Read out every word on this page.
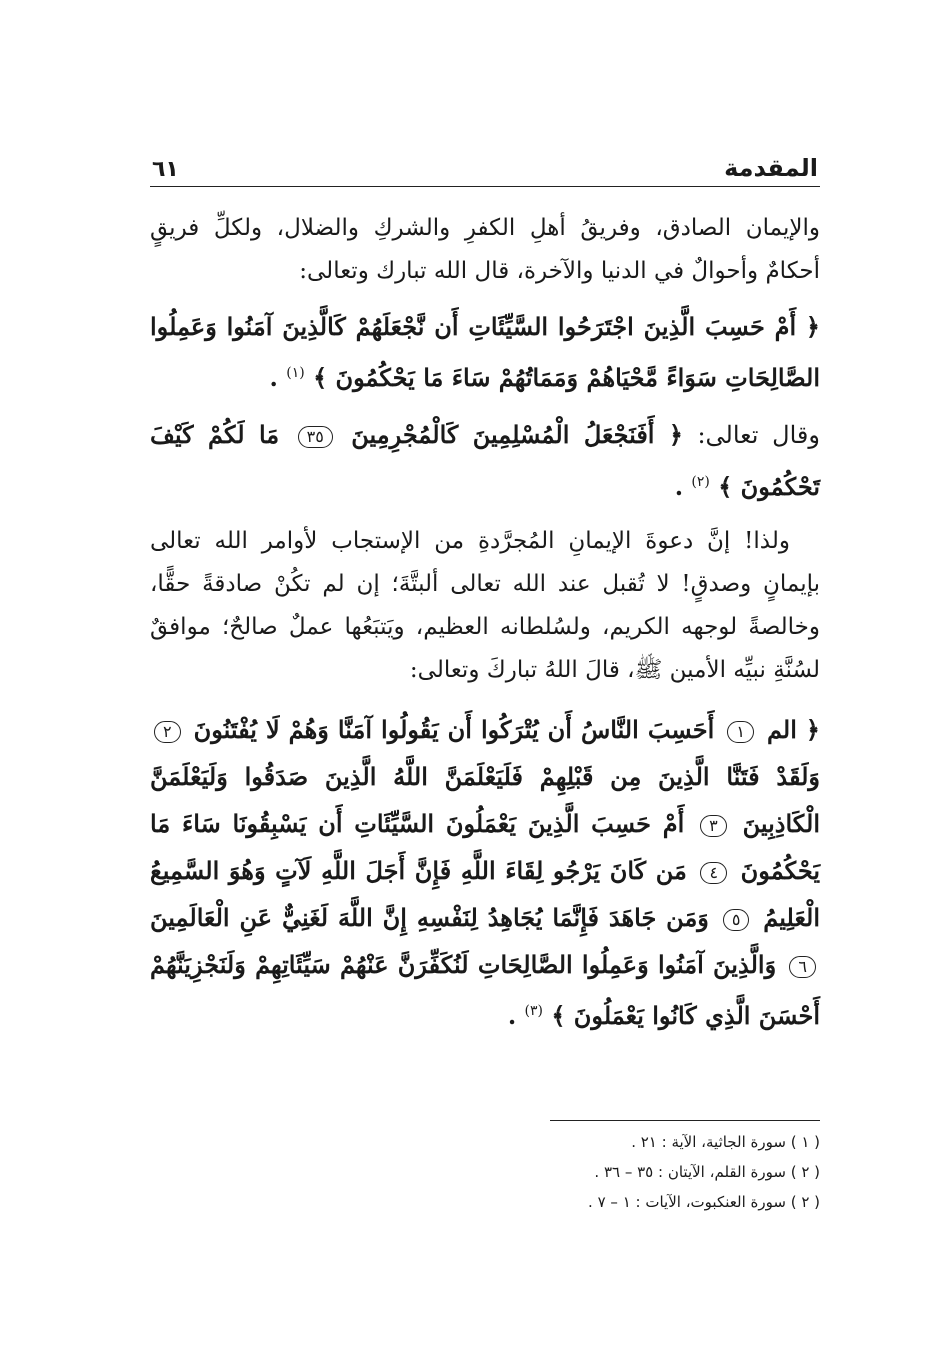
المقدمة
٦١

والإيمان الصادق، وفريقُ أهلِ الكفرِ والشركِ والضلال، ولكلِّ فريقٍ أحكامٌ وأحوالٌ في الدنيا والآخرة، قال الله تبارك وتعالى:

﴿ أَمْ حَسِبَ الَّذِينَ اجْتَرَحُوا السَّيِّئَاتِ أَن نَّجْعَلَهُمْ كَالَّذِينَ آمَنُوا وَعَمِلُوا الصَّالِحَاتِ سَوَاءً مَّحْيَاهُمْ وَمَمَاتُهُمْ سَاءَ مَا يَحْكُمُونَ ﴾ $^{(١)}$ .

وقال تعالى: ﴿ أَفَنَجْعَلُ الْمُسْلِمِينَ كَالْمُجْرِمِينَ ٣٥ مَا لَكُمْ كَيْفَ تَحْكُمُونَ ﴾ $^{(٢)}$ .

ولذا! إنَّ دعوةَ الإيمانِ المُجرَّدةِ من الإستجاب لأوامر الله تعالى بإيمانٍ وصدقٍ! لا تُقبل عند الله تعالى ألبتَّةَ؛ إن لم تكُنْ صادقةً حقًّا، وخالصةً لوجهه الكريم، ولسُلطانه العظيم، ويَتبَعُها عملٌ صالحٌ؛ موافقٌ لسُنَّةِ نبيِّه الأمين ﷺ، قالَ اللهُ تباركَ وتعالى:

﴿ الم ١ أَحَسِبَ النَّاسُ أَن يُتْرَكُوا أَن يَقُولُوا آمَنَّا وَهُمْ لَا يُفْتَنُونَ ٢ وَلَقَدْ فَتَنَّا الَّذِينَ مِن قَبْلِهِمْ فَلَيَعْلَمَنَّ اللَّهُ الَّذِينَ صَدَقُوا وَلَيَعْلَمَنَّ الْكَاذِبِينَ ٣ أَمْ حَسِبَ الَّذِينَ يَعْمَلُونَ السَّيِّئَاتِ أَن يَسْبِقُونَا سَاءَ مَا يَحْكُمُونَ ٤ مَن كَانَ يَرْجُو لِقَاءَ اللَّهِ فَإِنَّ أَجَلَ اللَّهِ لَآتٍ وَهُوَ السَّمِيعُ الْعَلِيمُ ٥ وَمَن جَاهَدَ فَإِنَّمَا يُجَاهِدُ لِنَفْسِهِ إِنَّ اللَّهَ لَغَنِيٌّ عَنِ الْعَالَمِينَ ٦ وَالَّذِينَ آمَنُوا وَعَمِلُوا الصَّالِحَاتِ لَنُكَفِّرَنَّ عَنْهُمْ سَيِّئَاتِهِمْ وَلَنَجْزِيَنَّهُمْ أَحْسَنَ الَّذِي كَانُوا يَعْمَلُونَ ﴾ $^{(٣)}$ .

( ١ ) سورة الجاثية، الآية : ٢١ .
( ٢ ) سورة القلم، الآيتان : ٣٥ – ٣٦ .
( ٢ ) سورة العنكبوت، الآيات : ١ – ٧ .
